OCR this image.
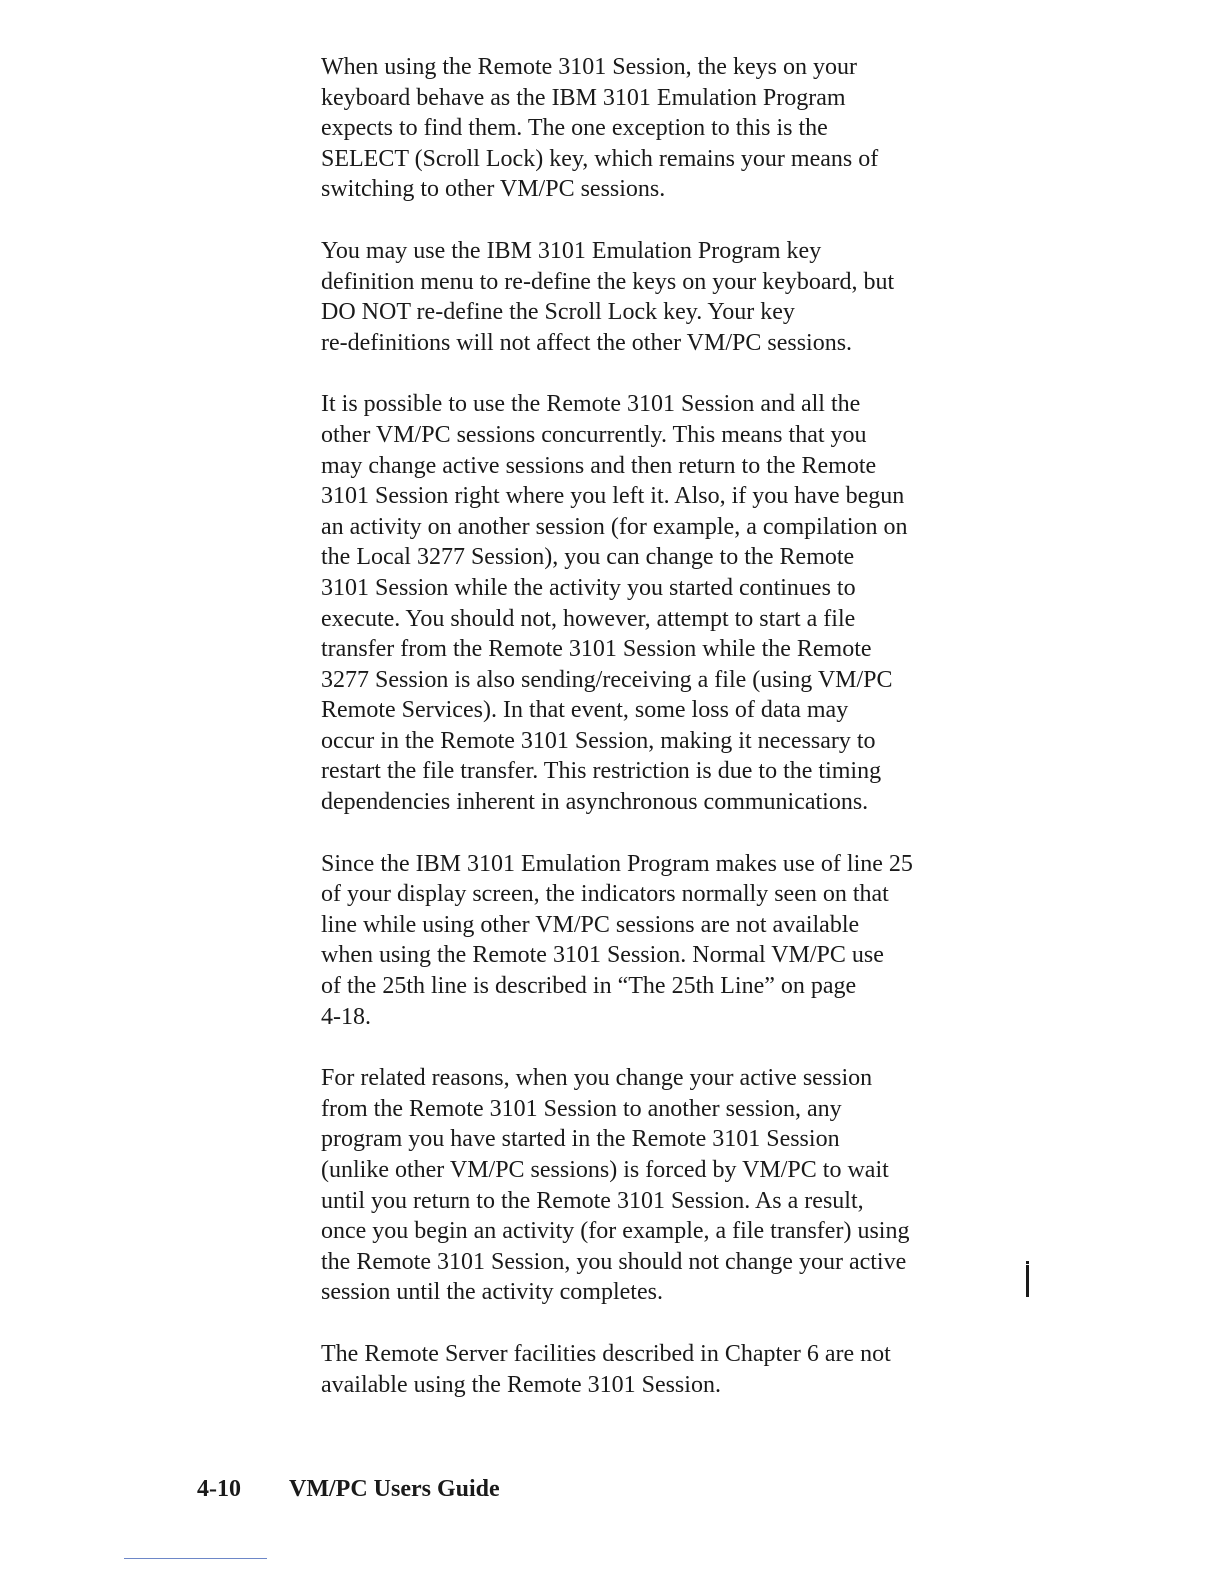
When using the Remote 3101 Session, the keys on your
keyboard behave as the IBM 3101 Emulation Program
expects to find them. The one exception to this is the
SELECT (Scroll Lock) key, which remains your means of
switching to other VM/PC sessions.

You may use the IBM 3101 Emulation Program key
definition menu to re-define the keys on your keyboard, but
DO NOT re-define the Scroll Lock key. Your key
re-definitions will not affect the other VM/PC sessions.

It is possible to use the Remote 3101 Session and all the
other VM/PC sessions concurrently. This means that you
may change active sessions and then return to the Remote
3101 Session right where you left it. Also, if you have begun
an activity on another session (for example, a compilation on
the Local 3277 Session), you can change to the Remote
3101 Session while the activity you started continues to
execute. You should not, however, attempt to start a file
transfer from the Remote 3101 Session while the Remote
3277 Session is also sending/receiving a file (using VM/PC
Remote Services). In that event, some loss of data may
occur in the Remote 3101 Session, making it necessary to
restart the file transfer. This restriction is due to the timing
dependencies inherent in asynchronous communications.

Since the IBM 3101 Emulation Program makes use of line 25
of your display screen, the indicators normally seen on that
line while using other VM/PC sessions are not available
when using the Remote 3101 Session. Normal VM/PC use
of the 25th line is described in “The 25th Line” on page
4-18.

For related reasons, when you change your active session
from the Remote 3101 Session to another session, any
program you have started in the Remote 3101 Session
(unlike other VM/PC sessions) is forced by VM/PC to wait
until you return to the Remote 3101 Session. As a result,
once you begin an activity (for example, a file transfer) using
the Remote 3101 Session, you should not change your active
session until the activity completes.

The Remote Server facilities described in Chapter 6 are not
available using the Remote 3101 Session.

4-10 VM/PC Users Guide
